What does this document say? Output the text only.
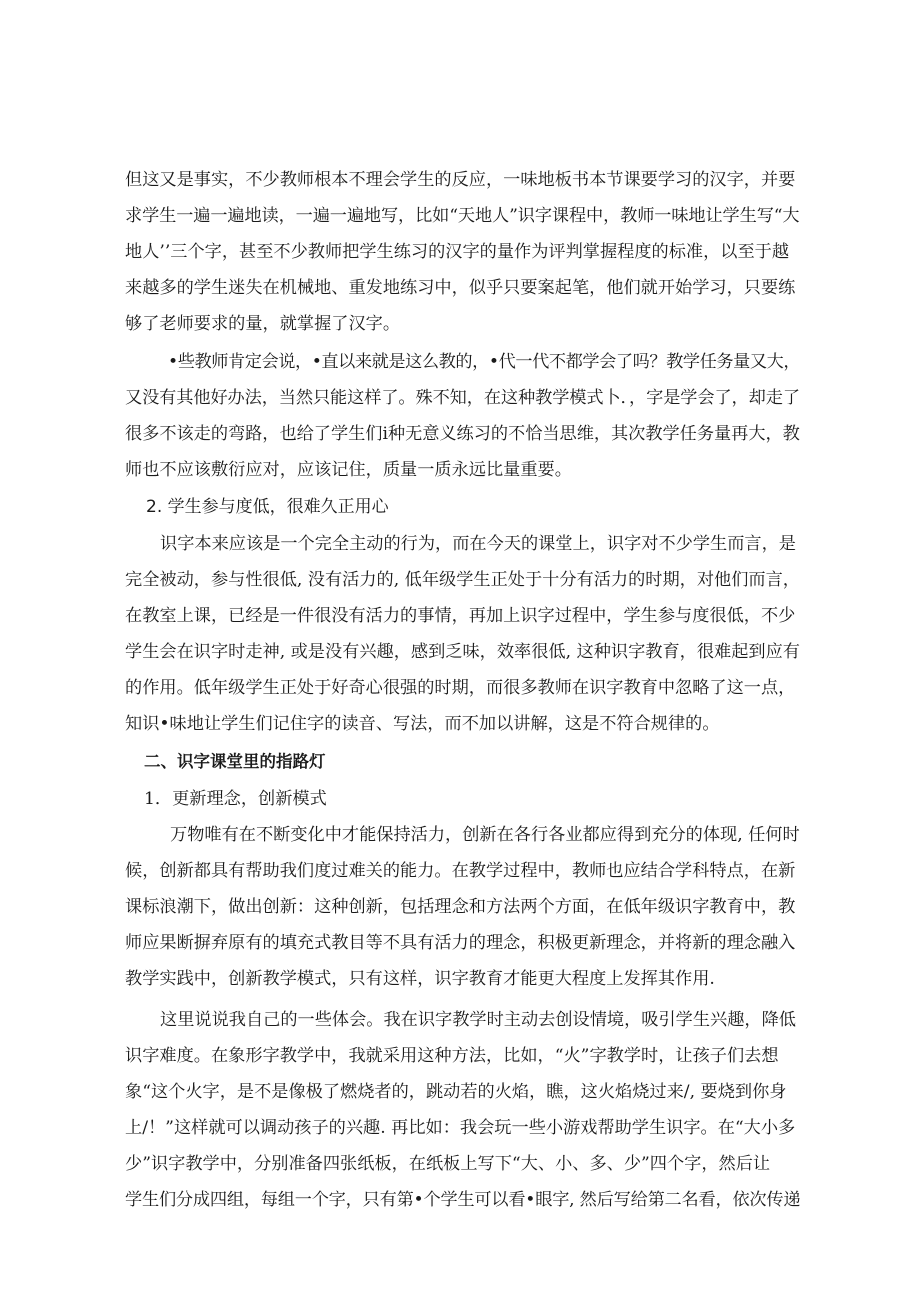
但这又是事实，不少教师根本不理会学生的反应，一味地板书本节课要学习的汉字，并要
求学生一遍一遍地读，一遍一遍地写，比如“天地人”识字课程中，教师一味地让学生写“大
地人’’三个字，甚至不少教师把学生练习的汉字的量作为评判掌握程度的标准，以至于越
来越多的学生迷失在机械地、重发地练习中，似乎只要案起笔，他们就开始学习，只要练
够了老师要求的量，就掌握了汉字。
•些教师肯定会说，•直以来就是这么教的，•代一代不都学会了吗？教学任务量又大，
又没有其他好办法，当然只能这样了。殊不知，在这种教学模式卜．，字是学会了，却走了
很多不该走的弯路，也给了学生们i种无意义练习的不恰当思维，其次教学任务量再大，教
师也不应该敷衍应对，应该记住，质量一质永远比量重要。
2. 学生参与度低，很难久正用心
识字本来应该是一个完全主动的行为，而在今天的课堂上，识字对不少学生而言，是
完全被动，参与性很低, 没有活力的, 低年级学生正处于十分有活力的时期，对他们而言，
在教室上课，已经是一件很没有活力的事情，再加上识字过程中，学生参与度很低，不少
学生会在识字时走神, 或是没有兴趣，感到乏味，效率很低, 这种识字教育，很难起到应有
的作用。低年级学生正处于好奇心很强的时期，而很多教师在识字教育中忽略了这一点，
知识•味地让学生们记住字的读音、写法，而不加以讲解，这是不符合规律的。
二、识字课堂里的指路灯
1．更新理念，创新模式
万物唯有在不断变化中才能保持活力，创新在各行各业都应得到充分的体现, 任何时
候，创新都具有帮助我们度过难关的能力。在教学过程中，教师也应结合学科特点，在新
课标浪潮下，做出创新：这种创新，包括理念和方法两个方面，在低年级识字教育中，教
师应果断摒弃原有的填充式教目等不具有活力的理念，积极更新理念，并将新的理念融入
教学实践中，创新教学模式，只有这样，识字教育才能更大程度上发挥其作用.
这里说说我自己的一些体会。我在识字教学时主动去创设情境，吸引学生兴趣，降低
识字难度。在象形字教学中，我就采用这种方法，比如，“火”字教学时，让孩子们去想
象“这个火字，是不是像极了燃烧者的，跳动若的火焰，瞧，这火焰烧过来/, 要烧到你身
上/！”这样就可以调动孩子的兴趣. 再比如：我会玩一些小游戏帮助学生识字。在“大小多
少”识字教学中，分别准备四张纸板，在纸板上写下“大、小、多、少”四个字，然后让
学生们分成四组，每组一个字，只有第•个学生可以看•眼字, 然后写给第二名看，依次传递
